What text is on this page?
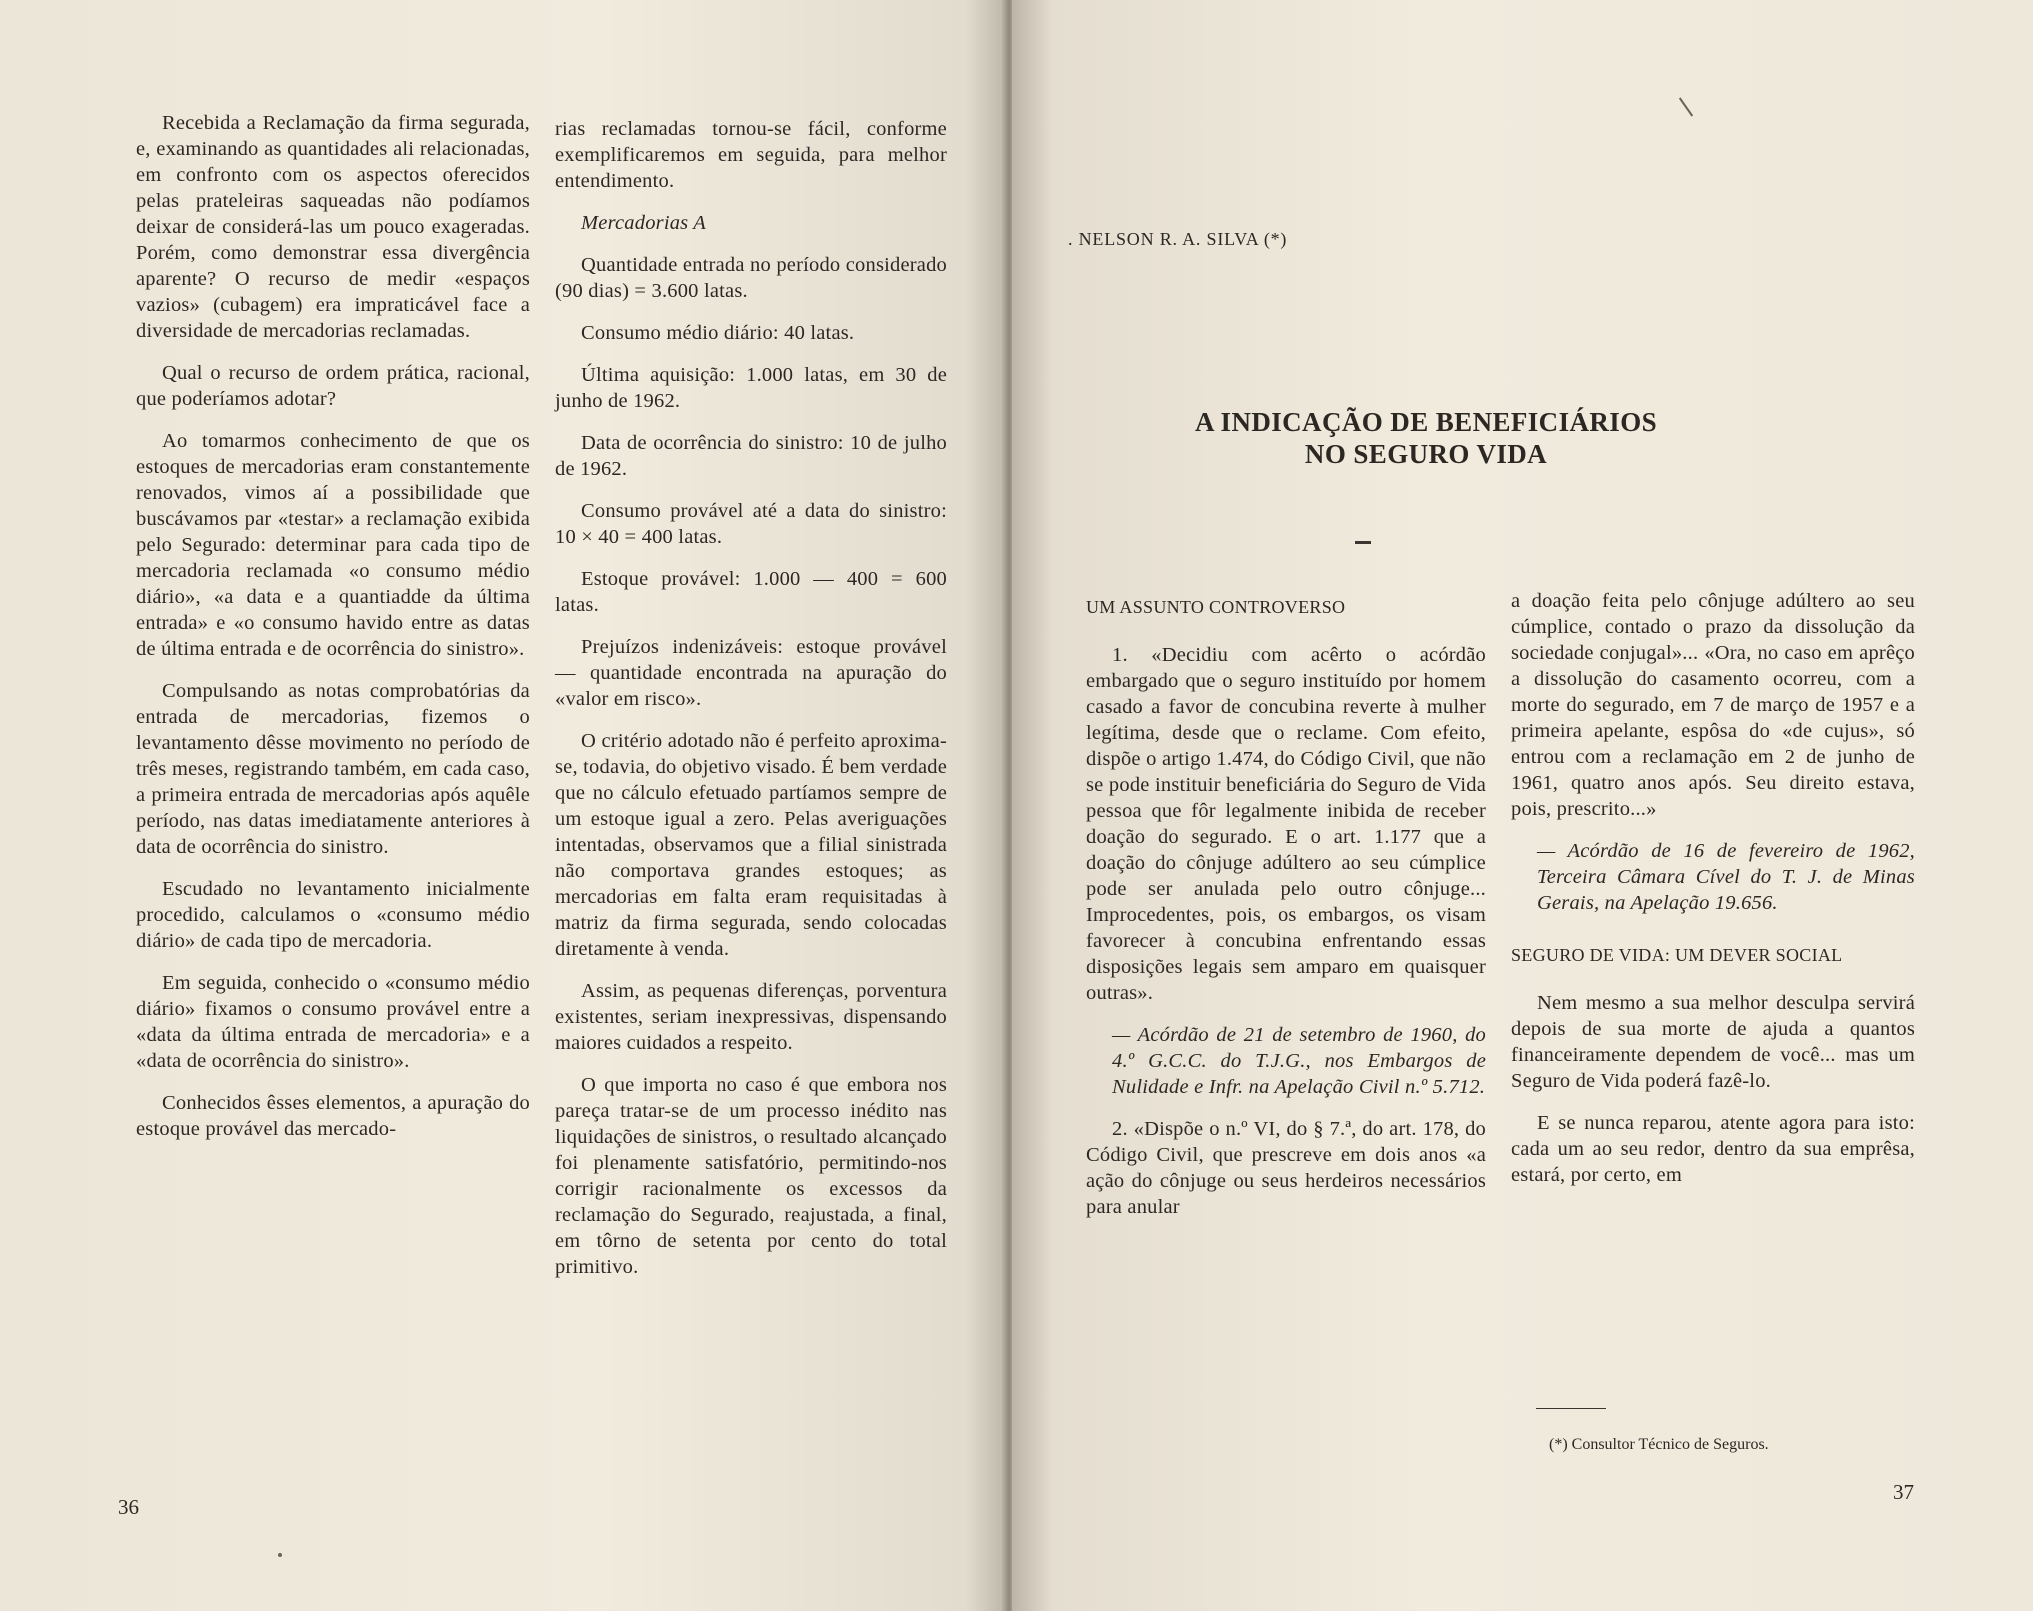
Recebida a Reclamação da firma segurada, e, examinando as quantidades ali relacionadas, em confronto com os aspectos oferecidos pelas prateleiras saqueadas não podíamos deixar de considerá-las um pouco exageradas. Porém, como demonstrar essa divergência aparente? O recurso de medir «espaços vazios» (cubagem) era impraticável face a diversidade de mercadorias reclamadas.

Qual o recurso de ordem prática, racional, que poderíamos adotar?

Ao tomarmos conhecimento de que os estoques de mercadorias eram constantemente renovados, vimos aí a possibilidade que buscávamos par «testar» a reclamação exibida pelo Segurado: determinar para cada tipo de mercadoria reclamada «o consumo médio diário», «a data e a quantiadde da última entrada» e «o consumo havido entre as datas de última entrada e de ocorrência do sinistro».

Compulsando as notas comprobatórias da entrada de mercadorias, fizemos o levantamento dêsse movimento no período de três meses, registrando também, em cada caso, a primeira entrada de mercadorias após aquêle período, nas datas imediatamente anteriores à data de ocorrência do sinistro.

Escudado no levantamento inicialmente procedido, calculamos o «consumo médio diário» de cada tipo de mercadoria.

Em seguida, conhecido o «consumo médio diário» fixamos o consumo provável entre a «data da última entrada de mercadoria» e a «data de ocorrência do sinistro».

Conhecidos êsses elementos, a apuração do estoque provável das mercado-

rias reclamadas tornou-se fácil, conforme exemplificaremos em seguida, para melhor entendimento.

Mercadorias A

Quantidade entrada no período considerado (90 dias) = 3.600 latas.

Consumo médio diário: 40 latas.

Última aquisição: 1.000 latas, em 30 de junho de 1962.

Data de ocorrência do sinistro: 10 de julho de 1962.

Consumo provável até a data do sinistro: 10 × 40 = 400 latas.

Estoque provável: 1.000 — 400 = 600 latas.

Prejuízos indenizáveis: estoque provável — quantidade encontrada na apuração do «valor em risco».

O critério adotado não é perfeito aproxima-se, todavia, do objetivo visado. É bem verdade que no cálculo efetuado partíamos sempre de um estoque igual a zero. Pelas averiguações intentadas, observamos que a filial sinistrada não comportava grandes estoques; as mercadorias em falta eram requisitadas à matriz da firma segurada, sendo colocadas diretamente à venda.

Assim, as pequenas diferenças, porventura existentes, seriam inexpressivas, dispensando maiores cuidados a respeito.

O que importa no caso é que embora nos pareça tratar-se de um processo inédito nas liquidações de sinistros, o resultado alcançado foi plenamente satisfatório, permitindo-nos corrigir racionalmente os excessos da reclamação do Segurado, reajustada, a final, em tôrno de setenta por cento do total primitivo.

36
. NELSON R. A. SILVA (*)
A INDICAÇÃO DE BENEFICIÁRIOS
NO SEGURO VIDA

UM ASSUNTO CONTROVERSO

1. «Decidiu com acêrto o acórdão embargado que o seguro instituído por homem casado a favor de concubina reverte à mulher legítima, desde que o reclame. Com efeito, dispõe o artigo 1.474, do Código Civil, que não se pode instituir beneficiária do Seguro de Vida pessoa que fôr legalmente inibida de receber doação do segurado. E o art. 1.177 que a doação do cônjuge adúltero ao seu cúmplice pode ser anulada pelo outro cônjuge... Improcedentes, pois, os embargos, os visam favorecer à concubina enfrentando essas disposições legais sem amparo em quaisquer outras».

— Acórdão de 21 de setembro de 1960, do 4.º G.C.C. do T.J.G., nos Embargos de Nulidade e Infr. na Apelação Civil n.º 5.712.

2. «Dispõe o n.º VI, do § 7.ª, do art. 178, do Código Civil, que prescreve em dois anos «a ação do cônjuge ou seus herdeiros necessários para anular

a doação feita pelo cônjuge adúltero ao seu cúmplice, contado o prazo da dissolução da sociedade conjugal»... «Ora, no caso em aprêço a dissolução do casamento ocorreu, com a morte do segurado, em 7 de março de 1957 e a primeira apelante, espôsa do «de cujus», só entrou com a reclamação em 2 de junho de 1961, quatro anos após. Seu direito estava, pois, prescrito...»

— Acórdão de 16 de fevereiro de 1962, Terceira Câmara Cível do T. J. de Minas Gerais, na Apelação 19.656.

SEGURO DE VIDA: UM DEVER SOCIAL

Nem mesmo a sua melhor desculpa servirá depois de sua morte de ajuda a quantos financeiramente dependem de você... mas um Seguro de Vida poderá fazê-lo.

E se nunca reparou, atente agora para isto: cada um ao seu redor, dentro da sua emprêsa, estará, por certo, em

(*) Consultor Técnico de Seguros.
37
